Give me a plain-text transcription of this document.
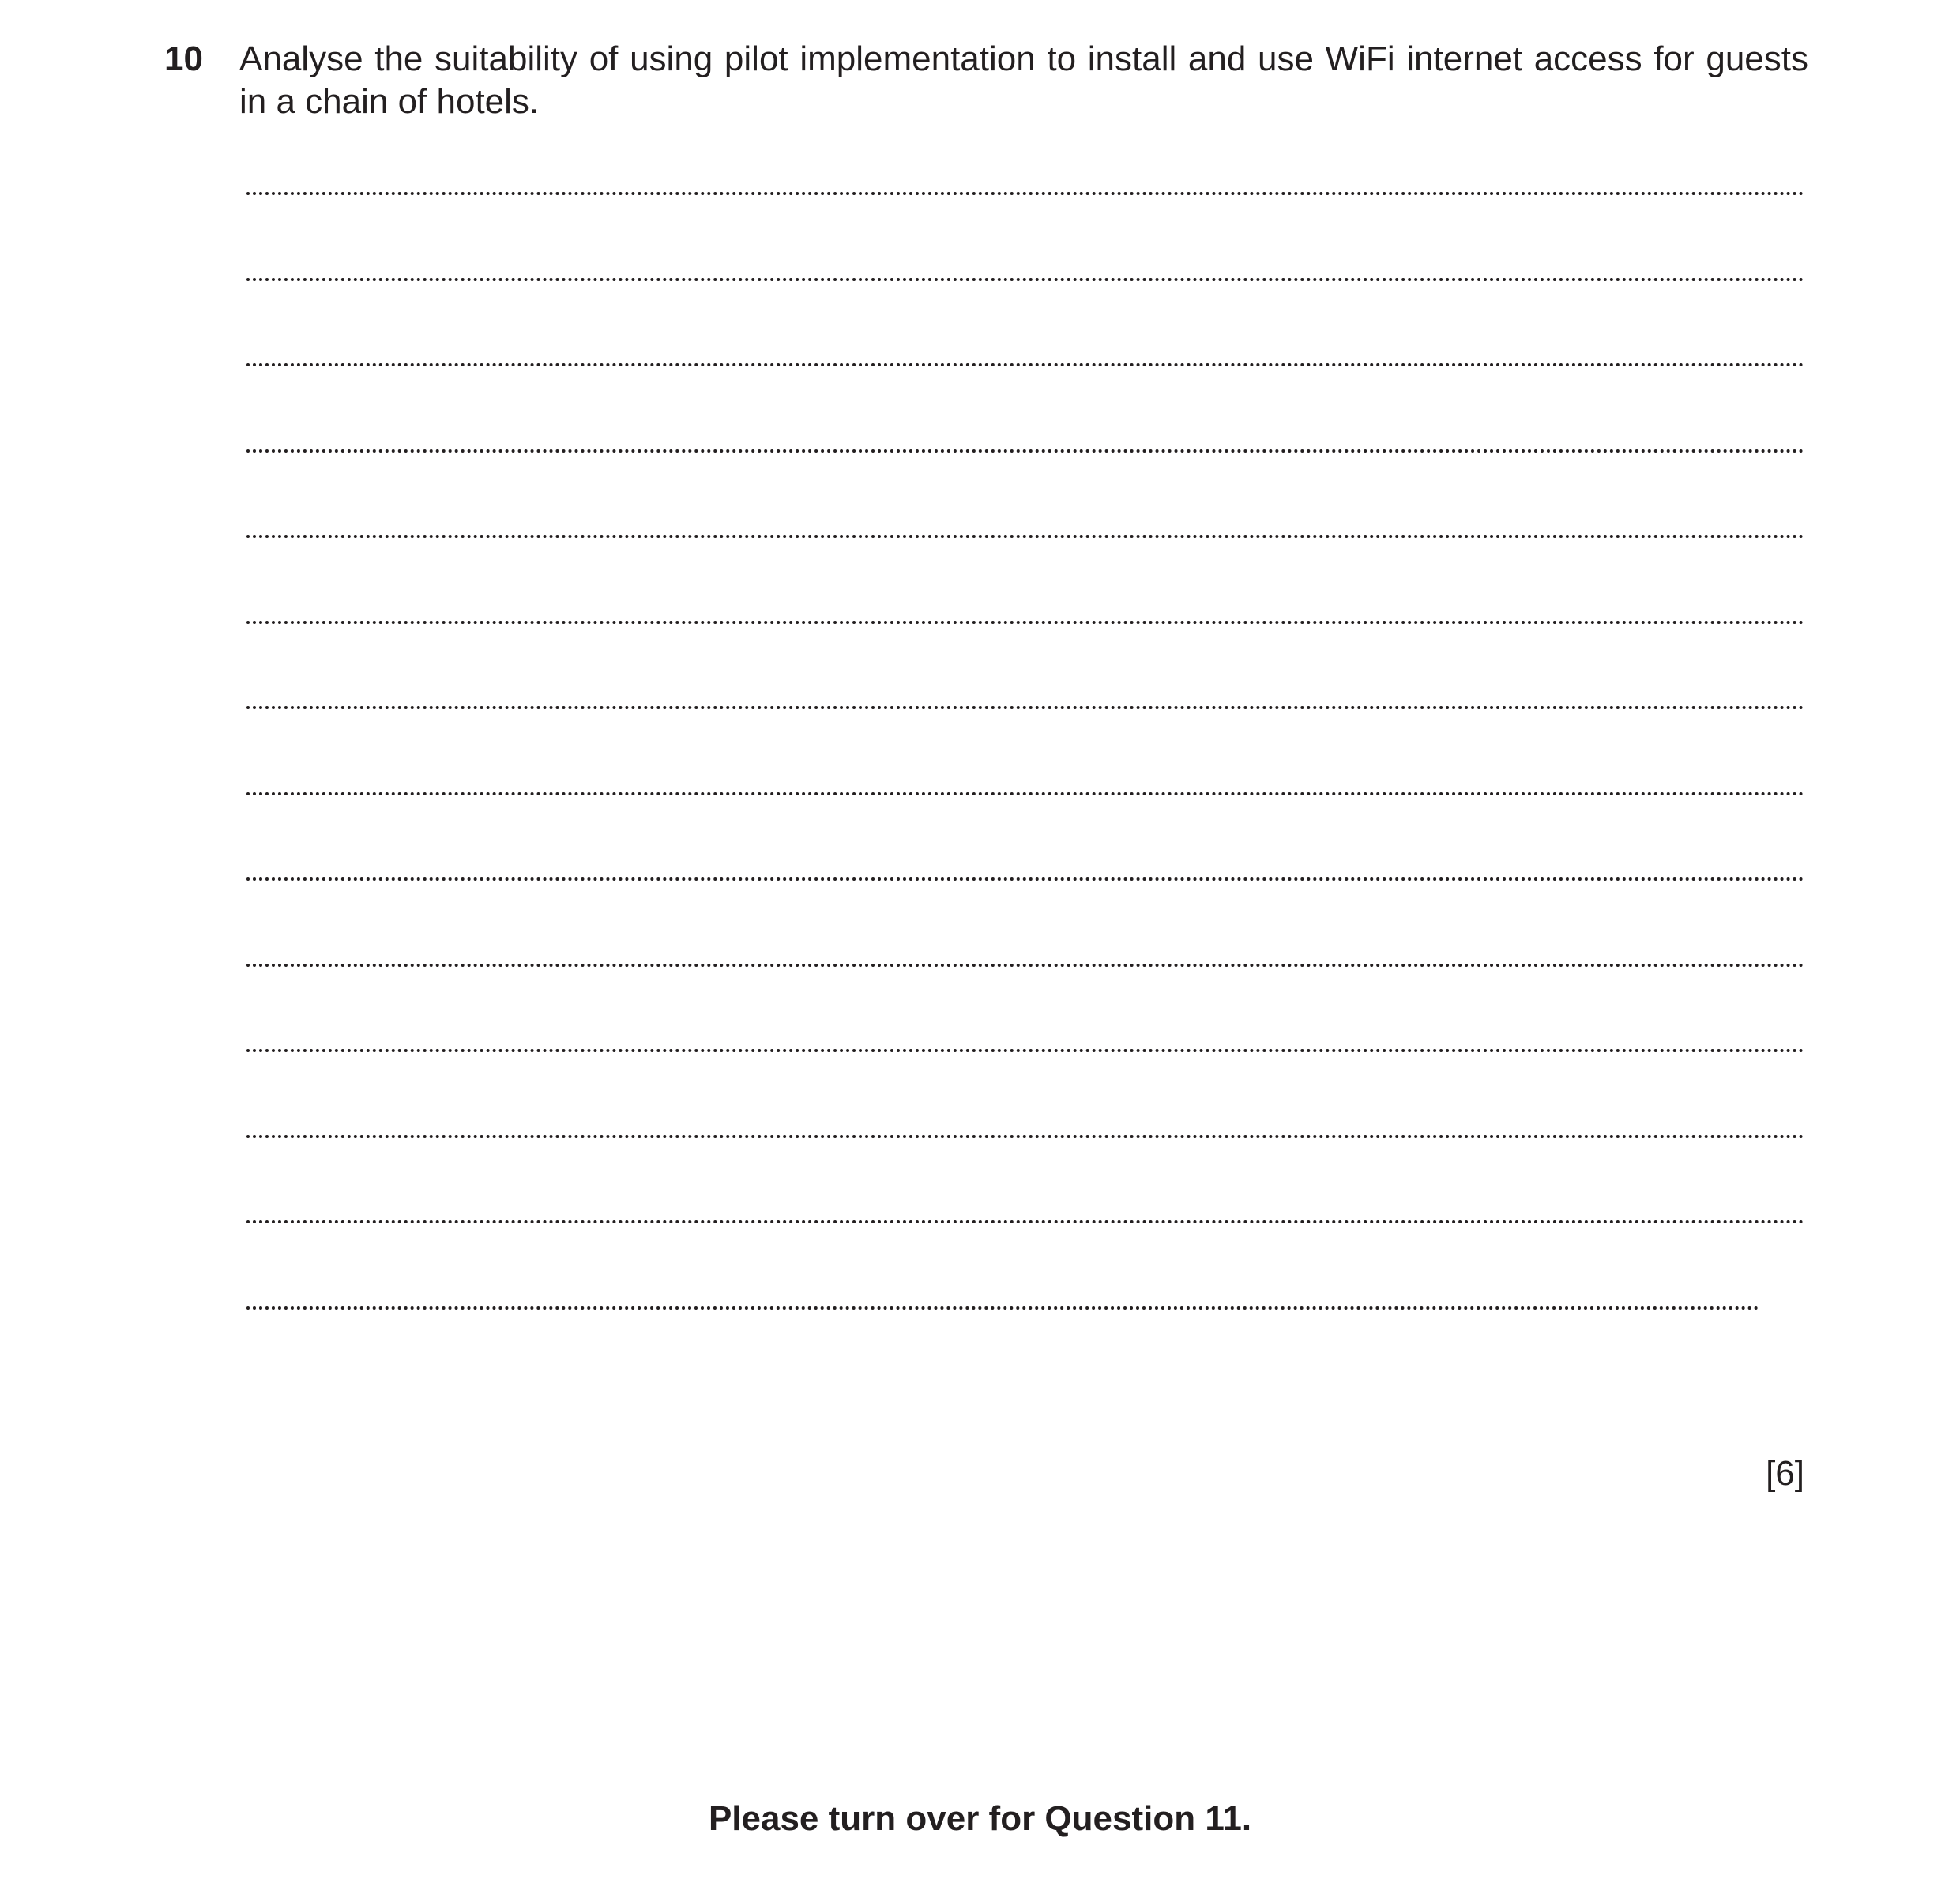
10 Analyse the suitability of using pilot implementation to install and use WiFi internet access for guests in a chain of hotels.
[6]
Please turn over for Question 11.
